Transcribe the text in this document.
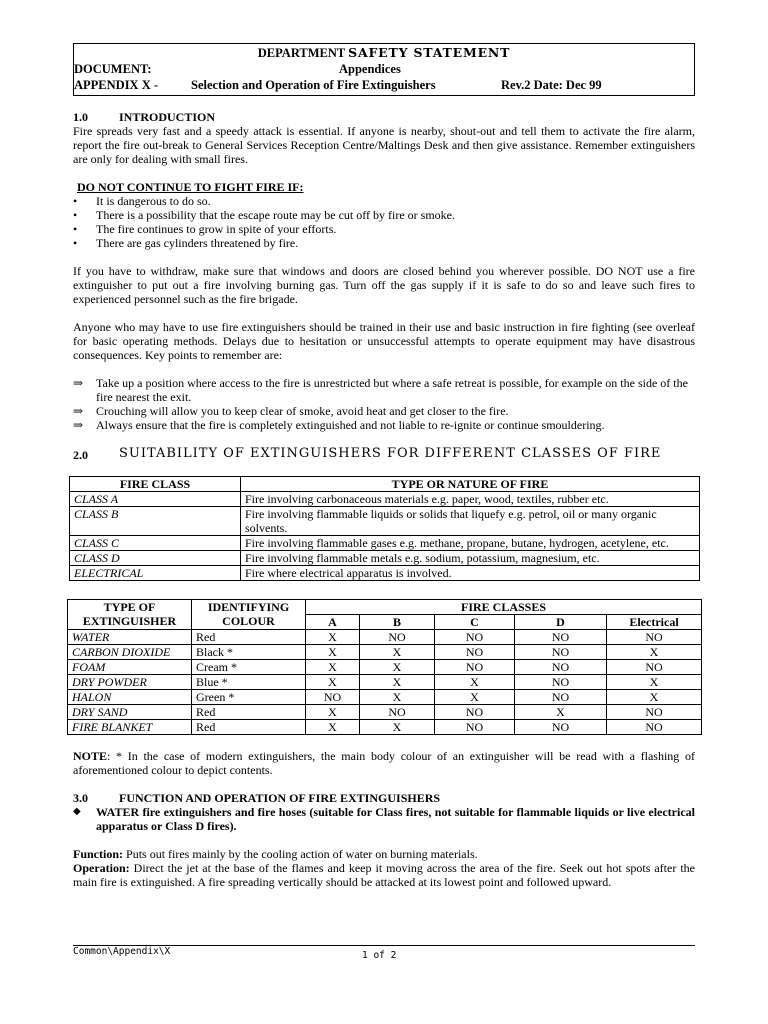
DEPARTMENT SAFETY STATEMENT
DOCUMENT:	Appendices
APPENDIX X -	Selection and Operation of Fire Extinguishers	Rev.2 Date: Dec 99

1.0	INTRODUCTION

Fire spreads very fast and a speedy attack is essential. If anyone is nearby, shout-out and tell them to activate the fire alarm, report the fire out-break to General Services Reception Centre/Maltings Desk and then give assistance. Remember extinguishers are only for dealing with small fires.

DO NOT CONTINUE TO FIGHT FIRE IF:

• It is dangerous to do so.
• There is a possibility that the escape route may be cut off by fire or smoke.
• The fire continues to grow in spite of your efforts.
• There are gas cylinders threatened by fire.

If you have to withdraw, make sure that windows and doors are closed behind you wherever possible. DO NOT use a fire extinguisher to put out a fire involving burning gas. Turn off the gas supply if it is safe to do so and leave such fires to experienced personnel such as the fire brigade.

Anyone who may have to use fire extinguishers should be trained in their use and basic instruction in fire fighting (see overleaf for basic operating methods. Delays due to hesitation or unsuccessful attempts to operate equipment may have disastrous consequences. Key points to remember are:

⇒ Take up a position where access to the fire is unrestricted but where a safe retreat is possible, for example on the side of the fire nearest the exit.
⇒ Crouching will allow you to keep clear of smoke, avoid heat and get closer to the fire.
⇒ Always ensure that the fire is completely extinguished and not liable to re-ignite or continue smouldering.
2.0 SUITABILITY OF EXTINGUISHERS FOR DIFFERENT CLASSES OF FIRE
FIRE CLASS	TYPE OR NATURE OF FIRE
CLASS A	Fire involving carbonaceous materials e.g. paper, wood, textiles, rubber etc.
CLASS B	Fire involving flammable liquids or solids that liquefy e.g. petrol, oil or many organic solvents.
CLASS C	Fire involving flammable gases e.g. methane, propane, butane, hydrogen, acetylene, etc.
CLASS D	Fire involving flammable metals e.g. sodium, potassium, magnesium, etc.
ELECTRICAL	Fire where electrical apparatus is involved.
TYPE OF EXTINGUISHER	IDENTIFYING COLOUR	FIRE CLASSES				
		A	B	C	D	Electrical
WATER	Red	X	NO	NO	NO	NO
CARBON DIOXIDE	Black *	X	X	NO	NO	X
FOAM	Cream *	X	X	NO	NO	NO
DRY POWDER	Blue *	X	X	X	NO	X
HALON	Green *	NO	X	X	NO	X
DRY SAND	Red	X	NO	NO	X	NO
FIRE BLANKET	Red	X	X	NO	NO	NO

NOTE: * In the case of modern extinguishers, the main body colour of an extinguisher will be read with a flashing of aforementioned colour to depict contents.

3.0	FUNCTION AND OPERATION OF FIRE EXTINGUISHERS

◆ WATER fire extinguishers and fire hoses (suitable for Class fires, not suitable for flammable liquids or live electrical apparatus or Class D fires).

Function: Puts out fires mainly by the cooling action of water on burning materials.

Operation: Direct the jet at the base of the flames and keep it moving across the area of the fire. Seek out hot spots after the main fire is extinguished. A fire spreading vertically should be attacked at its lowest point and followed upward.

Common\Appendix\X	1 of 2
